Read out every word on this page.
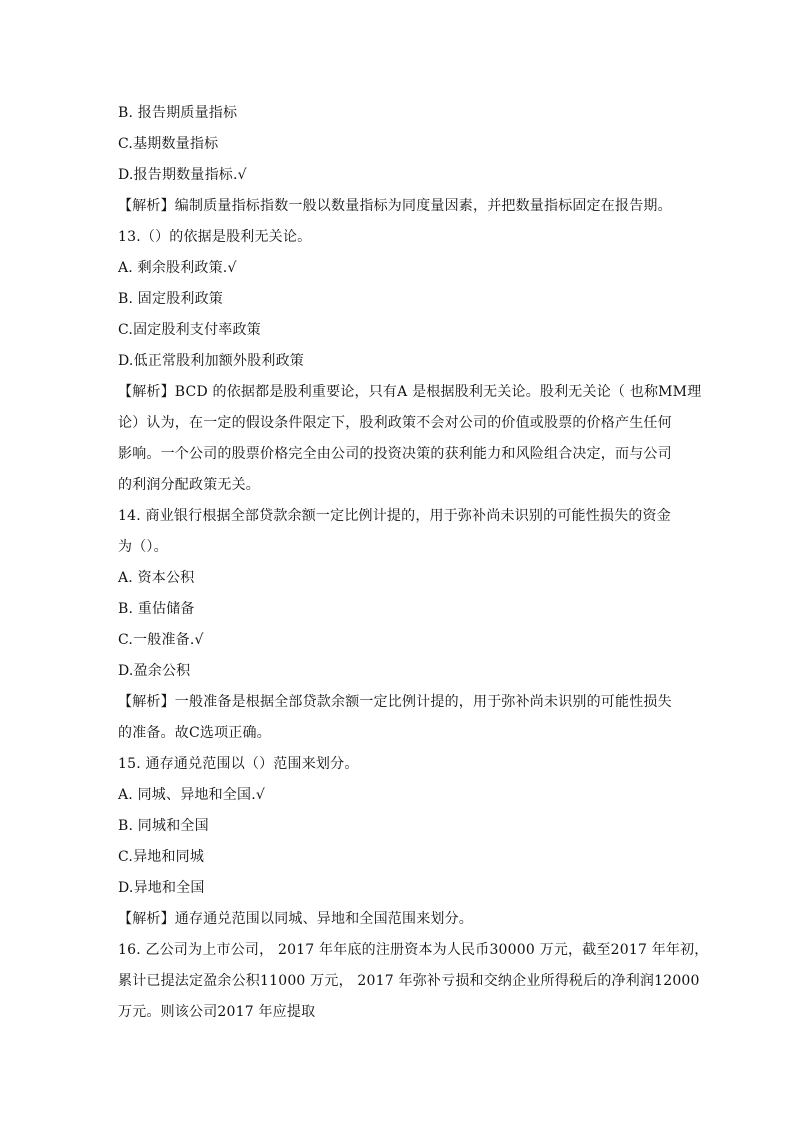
B. 报告期质量指标
C.基期数量指标
D.报告期数量指标.√
【解析】编制质量指标指数一般以数量指标为同度量因素，并把数量指标固定在报告期。
13.（）的依据是股利无关论。
A. 剩余股利政策.√
B. 固定股利政策
C.固定股利支付率政策
D.低正常股利加额外股利政策
【解析】BCD 的依据都是股利重要论，只有A 是根据股利无关论。股利无关论（ 也称MM理
论）认为，在一定的假设条件限定下，股利政策不会对公司的价值或股票的价格产生任何
影响。一个公司的股票价格完全由公司的投资决策的获利能力和风险组合决定，而与公司
的利润分配政策无关。
14. 商业银行根据全部贷款余额一定比例计提的，用于弥补尚未识别的可能性损失的资金
为（）。
A. 资本公积
B. 重估储备
C.一般准备.√
D.盈余公积
【解析】一般准备是根据全部贷款余额一定比例计提的，用于弥补尚未识别的可能性损失
的准备。故C选项正确。
15. 通存通兑范围以（）范围来划分。
A. 同城、异地和全国.√
B. 同城和全国
C.异地和同城
D.异地和全国
【解析】通存通兑范围以同城、异地和全国范围来划分。
16. 乙公司为上市公司， 2017 年年底的注册资本为人民币30000 万元，截至2017 年年初，
累计已提法定盈余公积11000 万元， 2017 年弥补亏损和交纳企业所得税后的净利润12000
万元。则该公司2017 年应提取
